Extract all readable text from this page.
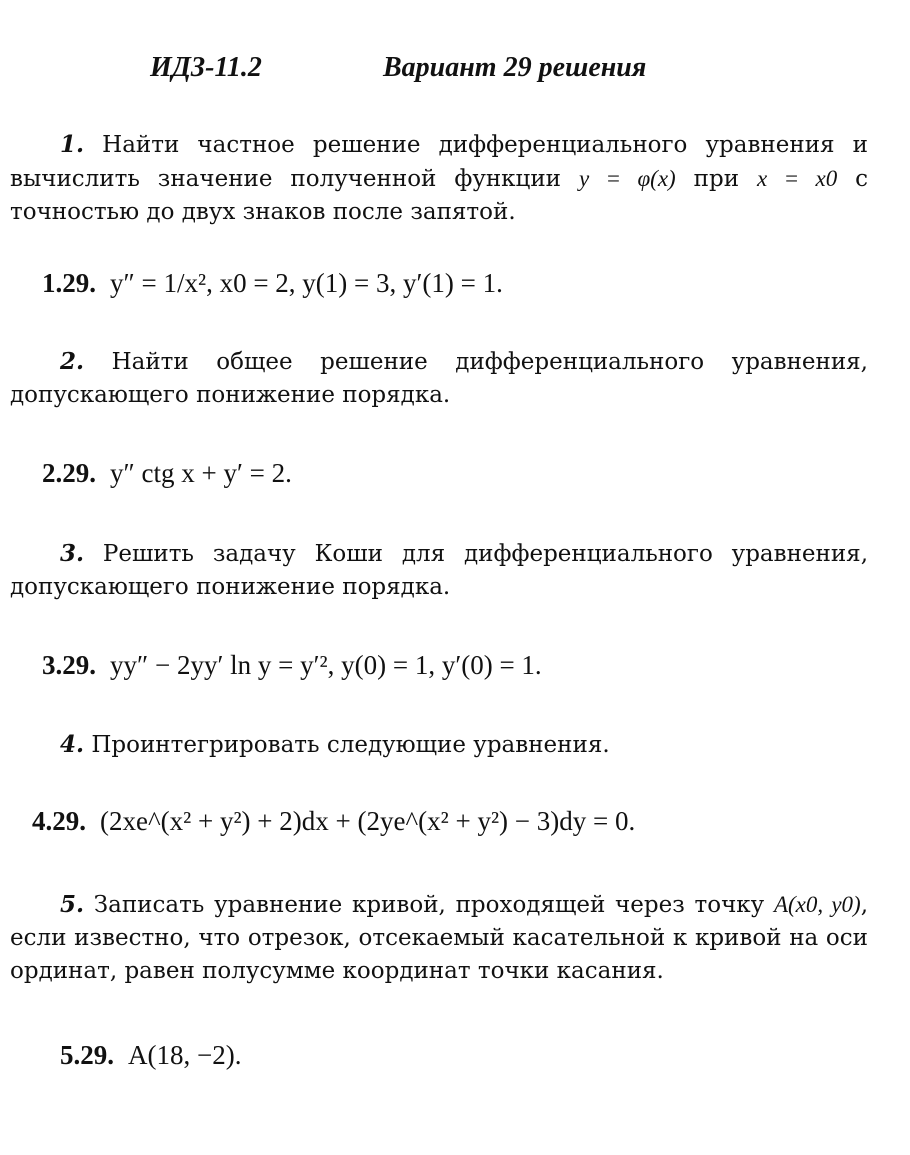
ИДЗ-11.2	Вариант 29 решения
1. Найти частное решение дифференциального уравнения и вычислить значение полученной функции y = φ(x) при x = x0 с точностью до двух знаков после запятой.
1.29. y″ = 1/x², x0 = 2, y(1) = 3, y′(1) = 1.
2. Найти общее решение дифференциального уравнения, допускающего понижение порядка.
2.29. y″ ctg x + y′ = 2.
3. Решить задачу Коши для дифференциального уравнения, допускающего понижение порядка.
3.29. yy″ − 2yy′ ln y = y′², y(0) = 1, y′(0) = 1.
4. Проинтегрировать следующие уравнения.
4.29. (2xe^(x² + y²) + 2)dx + (2ye^(x² + y²) − 3)dy = 0.
5. Записать уравнение кривой, проходящей через точку A(x0, y0), если известно, что отрезок, отсекаемый касательной к кривой на оси ординат, равен полусумме координат точки касания.
5.29. A(18, −2).
